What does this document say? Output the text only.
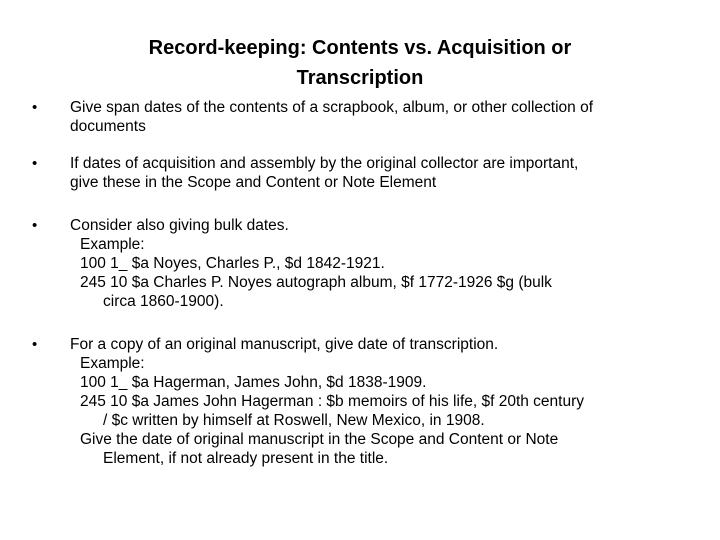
Record-keeping: Contents vs. Acquisition or
Transcription
• Give span dates of the contents of a scrapbook, album, or other collection of
documents
• If dates of acquisition and assembly by the original collector are important,
give these in the Scope and Content or Note Element
• Consider also giving bulk dates.
Example:
100 1_ $a Noyes, Charles P., $d 1842-1921.
245 10 $a Charles P. Noyes autograph album, $f 1772-1926 $g (bulk
circa 1860-1900).
• For a copy of an original manuscript, give date of transcription.
Example:
100 1_ $a Hagerman, James John, $d 1838-1909.
245 10 $a James John Hagerman : $b memoirs of his life, $f 20th century
/ $c written by himself at Roswell, New Mexico, in 1908.
Give the date of original manuscript in the Scope and Content or Note
Element, if not already present in the title.
